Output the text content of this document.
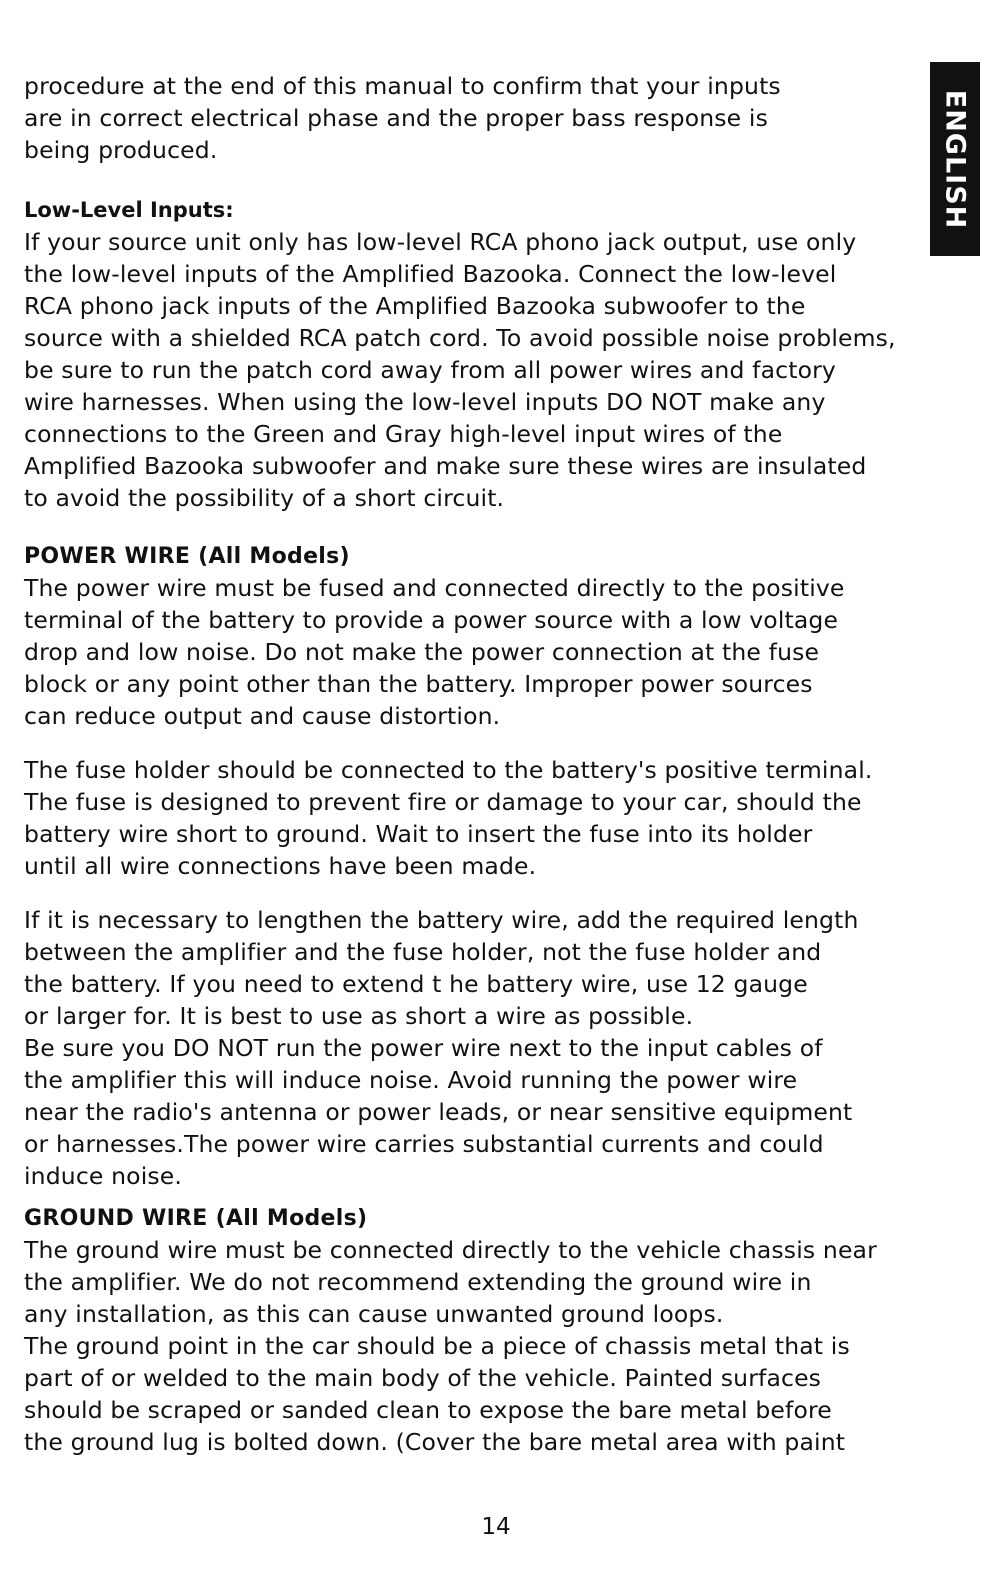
ENGLISH

procedure at the end of this manual to confirm that your inputs

are in correct electrical phase and the proper bass response is

being produced.

Low-Level Inputs:

If your source unit only has low-level RCA phono jack output, use only

the low-level inputs of the Amplified Bazooka. Connect the low-level

RCA phono jack inputs of the Amplified Bazooka subwoofer to the

source with a shielded RCA patch cord. To avoid possible noise problems,

be sure to run the patch cord away from all power wires and factory

wire harnesses. When using the low-level inputs DO NOT make any

connections to the Green and Gray high-level input wires of the

Amplified Bazooka subwoofer and make sure these wires are insulated

to avoid the possibility of a short circuit.

POWER WIRE (All Models)

The power wire must be fused and connected directly to the positive

terminal of the battery to provide a power source with a low voltage

drop and low noise. Do not make the power connection at the fuse

block or any point other than the battery. Improper power sources

can reduce output and cause distortion.

The fuse holder should be connected to the battery's positive terminal.

The fuse is designed to prevent fire or damage to your car, should the

battery wire short to ground. Wait to insert the fuse into its holder

until all wire connections have been made.

If it is necessary to lengthen the battery wire, add the required length

between the amplifier and the fuse holder, not the fuse holder and

the battery. If you need to extend t he battery wire, use 12 gauge

or larger for. It is best to use as short a wire as possible.

Be sure you DO NOT run the power wire next to the input cables of

the amplifier this will induce noise. Avoid running the power wire

near the radio's antenna or power leads, or near sensitive equipment

or harnesses.The power wire carries substantial currents and could

induce noise.

GROUND WIRE (All Models)

The ground wire must be connected directly to the vehicle chassis near

the amplifier. We do not recommend extending the ground wire in

any installation, as this can cause unwanted ground loops.

The ground point in the car should be a piece of chassis metal that is

part of or welded to the main body of the vehicle. Painted surfaces

should be scraped or sanded clean to expose the bare metal before

the ground lug is bolted down. (Cover the bare metal area with paint

14
